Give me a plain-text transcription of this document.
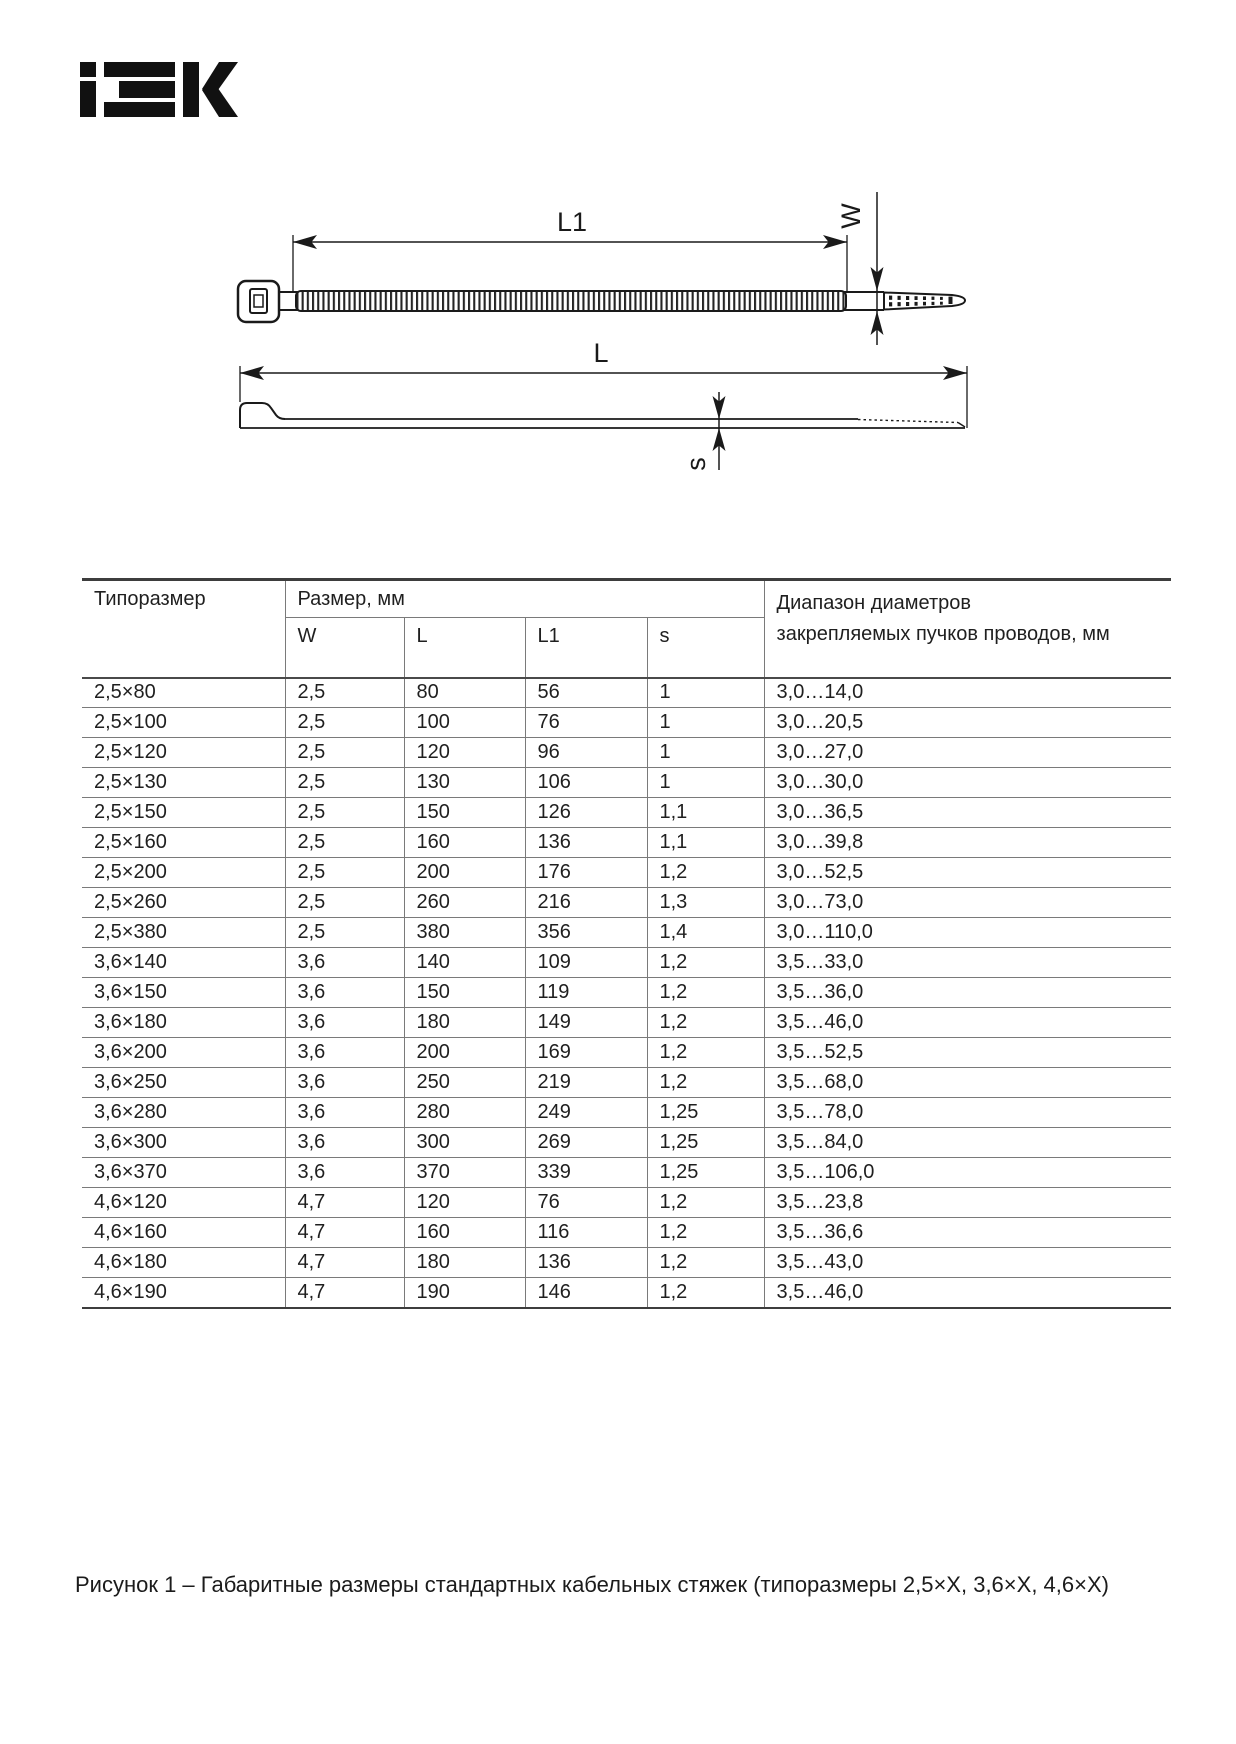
L1	W
L
s
Типоразмер	Размер, мм				Диапазон диаметров
закрепляемых пучков проводов, мм

	W	L	L1	s	
2,5×80	2,5	80	56	1	3,0…14,0
2,5×100	2,5	100	76	1	3,0…20,5
2,5×120	2,5	120	96	1	3,0…27,0
2,5×130	2,5	130	106	1	3,0…30,0
2,5×150	2,5	150	126	1,1	3,0…36,5
2,5×160	2,5	160	136	1,1	3,0…39,8
2,5×200	2,5	200	176	1,2	3,0…52,5
2,5×260	2,5	260	216	1,3	3,0…73,0
2,5×380	2,5	380	356	1,4	3,0…110,0
3,6×140	3,6	140	109	1,2	3,5…33,0
3,6×150	3,6	150	119	1,2	3,5…36,0
3,6×180	3,6	180	149	1,2	3,5…46,0
3,6×200	3,6	200	169	1,2	3,5…52,5
3,6×250	3,6	250	219	1,2	3,5…68,0
3,6×280	3,6	280	249	1,25	3,5…78,0
3,6×300	3,6	300	269	1,25	3,5…84,0
3,6×370	3,6	370	339	1,25	3,5…106,0
4,6×120	4,7	120	76	1,2	3,5…23,8
4,6×160	4,7	160	116	1,2	3,5…36,6
4,6×180	4,7	180	136	1,2	3,5…43,0
4,6×190	4,7	190	146	1,2	3,5…46,0
Рисунок 1 – Габаритные размеры стандартных кабельных стяжек (типоразмеры 2,5×Х, 3,6×Х, 4,6×Х)
